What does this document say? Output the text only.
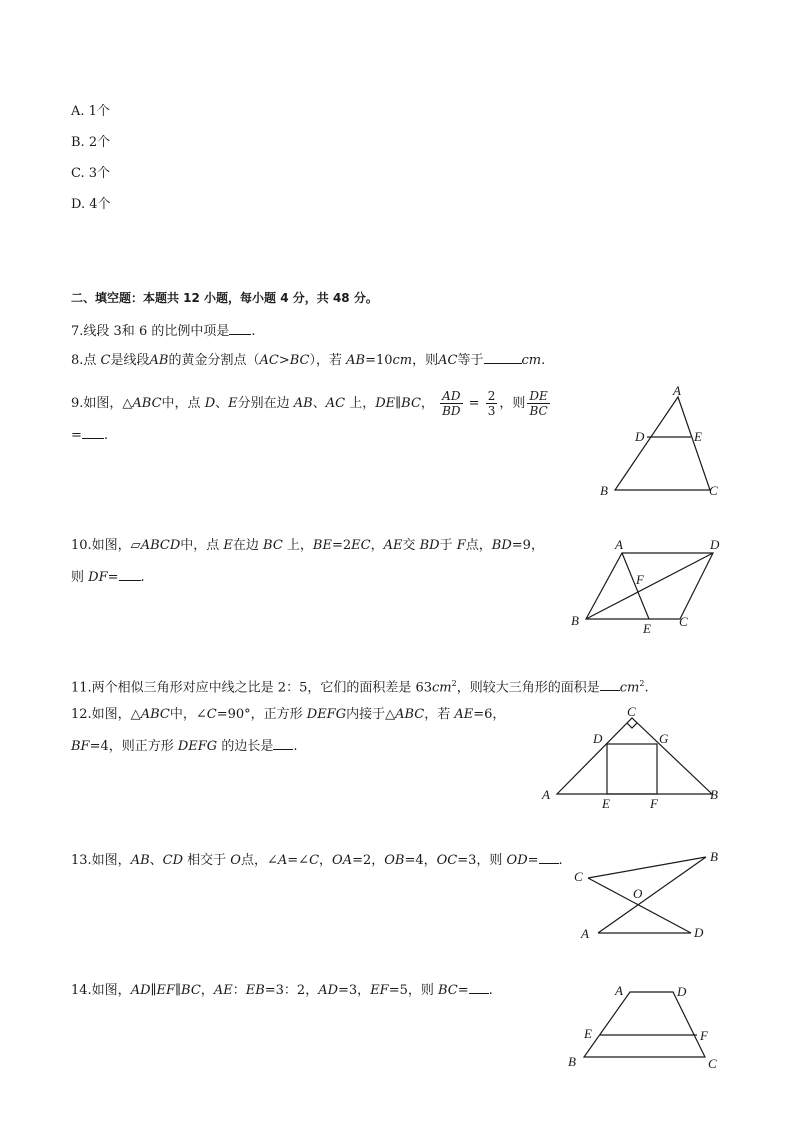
A. 1个
B. 2个
C. 3个
D. 4个
二、填空题：本题共 12 小题，每小题 4 分，共 48 分。
7.线段 3和 6 的比例中项是 .
8.点 C是线段AB的黄金分割点（AC>BC），若 AB=10cm，则AC等于	cm.
9.如图，△ABC中，点 D、E分别在边 AB、AC 上，DE∥BC， $\frac{AD}{BD} = \frac{2}{3}$ ，则 $\frac{DE}{BC}$
= .
A
D	E
B	C
10.如图，▱ABCD中，点 E在边 BC 上，BE=2EC，AE交 BD于 F点，BD=9，
则 DF= .
A	D
F
B
E C
11.两个相似三角形对应中线之比是 2：5，它们的面积差是 $63cm^2$，则较大三角形的面积是 $cm^2$.
12.如图，△ABC中，∠C=90°，正方形 DEFG内接于△ABC，若 AE=6，
BF=4，则正方形 DEFG 的边长是 .
C
D	G
A
E	F
B
13.如图，AB、CD 相交于 O点，∠A=∠C，OA=2，OB=4，OC=3，则 OD= .	B
C
O
A	D
14.如图，AD∥EF∥BC，AE：EB=3：2，AD=3，EF=5，则 BC= .	A	D
E	F
B	C
